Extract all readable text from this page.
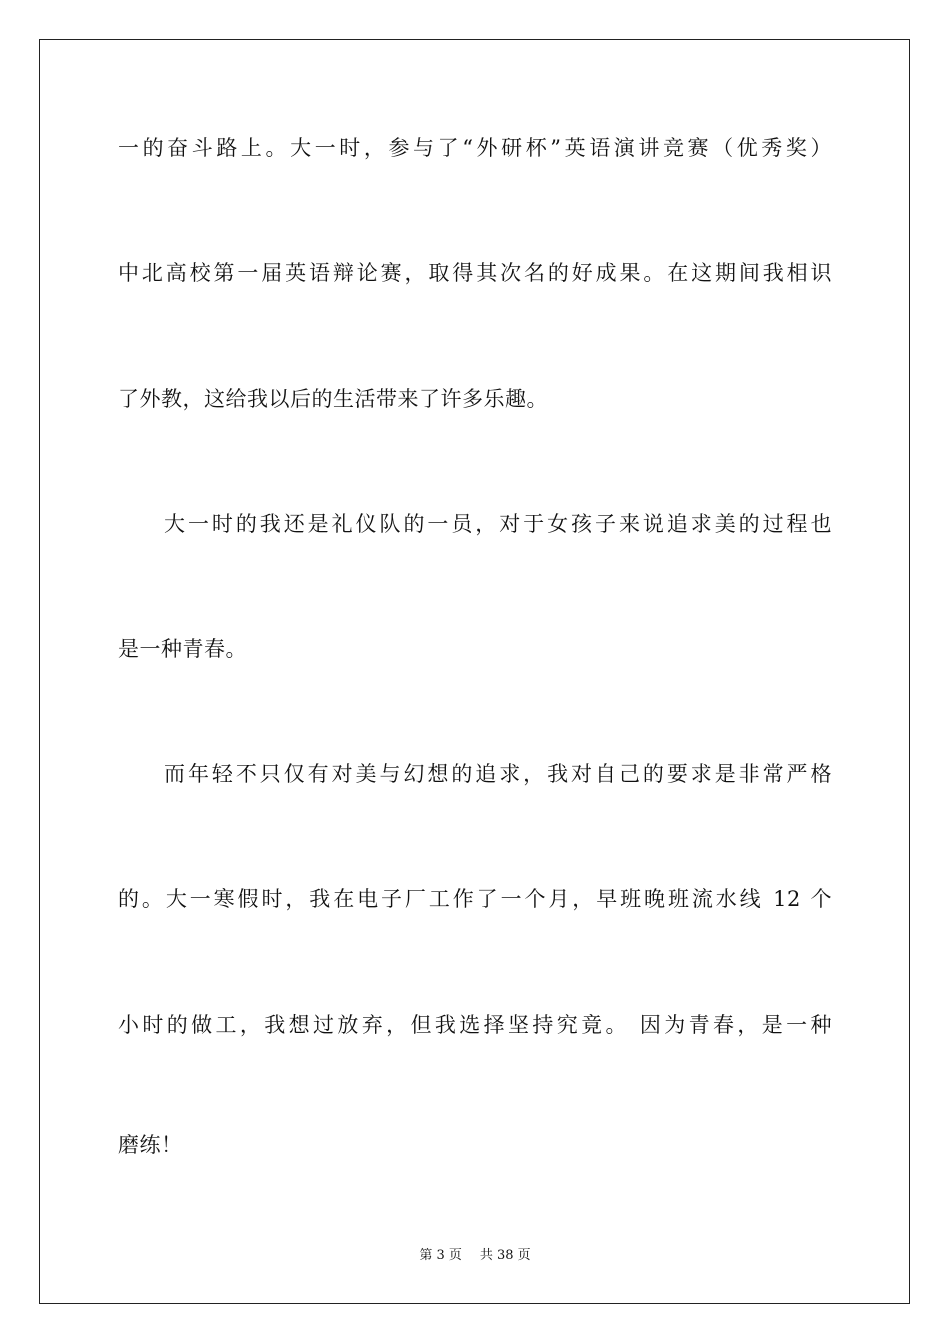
一的奋斗路上。大一时，参与了“外研杯”英语演讲竞赛（优秀奖）
中北高校第一届英语辩论赛，取得其次名的好成果。在这期间我相识
了外教，这给我以后的生活带来了许多乐趣。
大一时的我还是礼仪队的一员，对于女孩子来说追求美的过程也
是一种青春。
而年轻不只仅有对美与幻想的追求，我对自己的要求是非常严格
的。大一寒假时，我在电子厂工作了一个月，早班晚班流水线 12 个
小时的做工，我想过放弃，但我选择坚持究竟。 因为青春，是一种
磨练！
第 3 页 共 38 页
